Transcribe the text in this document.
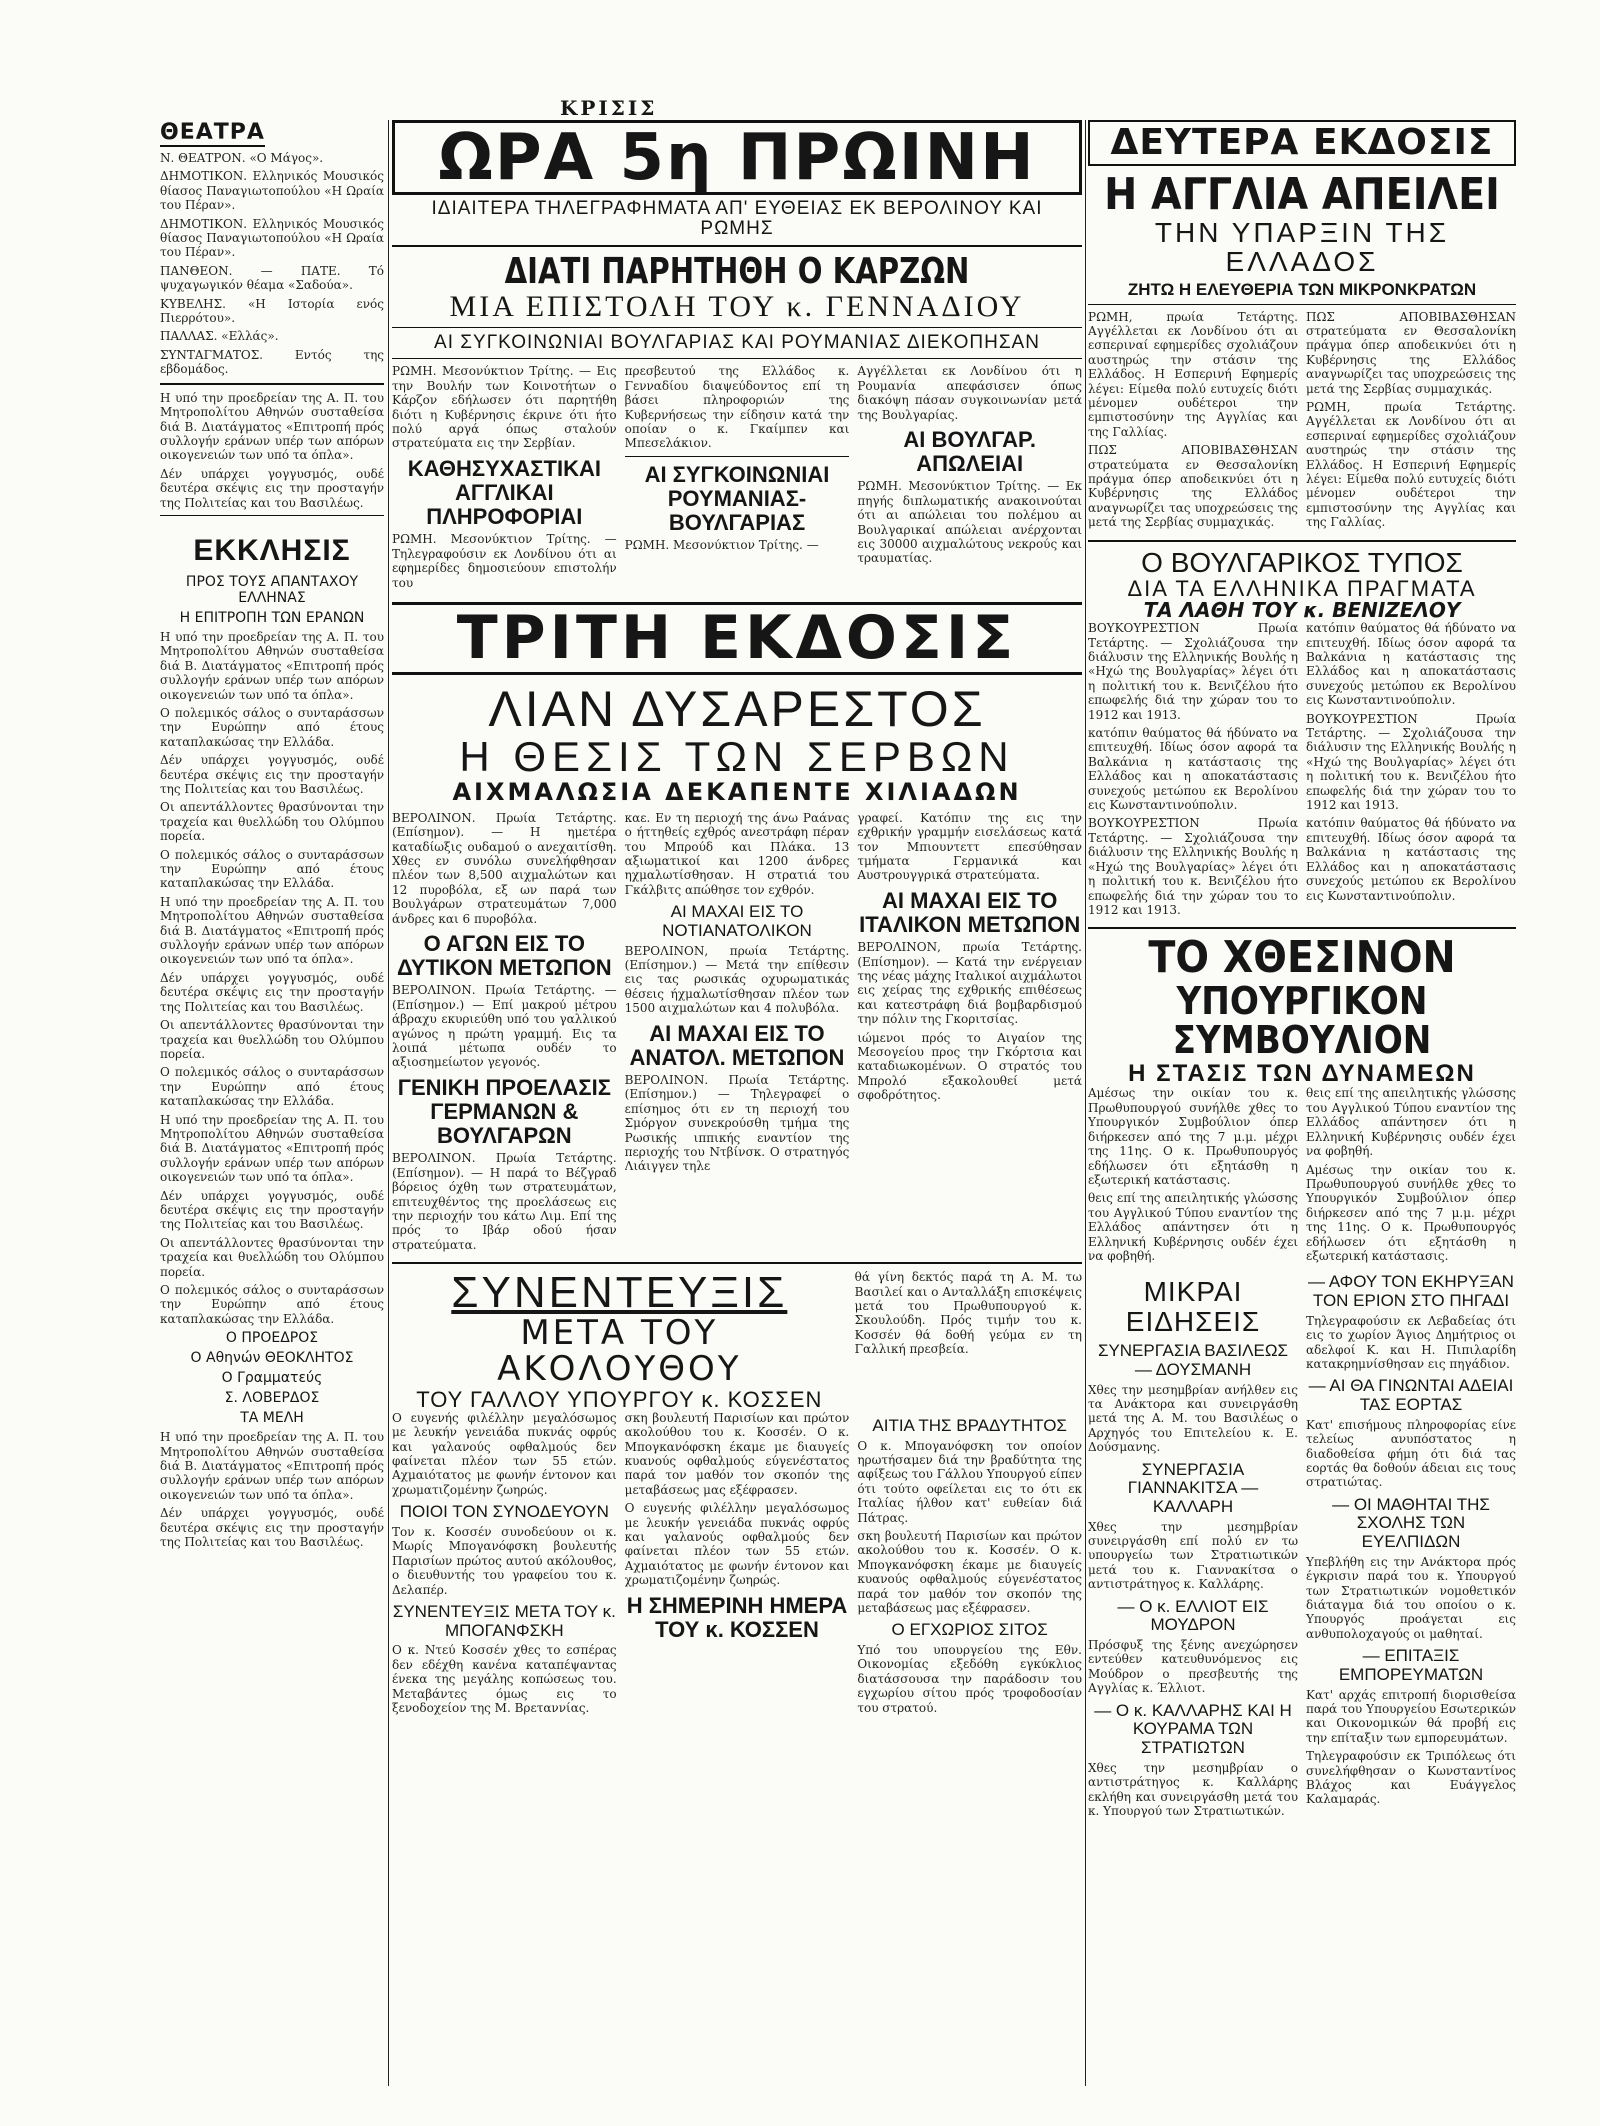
ΚΡΙΣΙΣ
ΘΕΑΤΡΑ

Ν. ΘΕΑΤΡΟΝ. «Ο Μάγος».

ΔΗΜΟΤΙΚΟΝ. Ελληνικός Μουσικός θίασος Παναγιωτοπούλου «Η Ωραία του Πέραν».

ΔΗΜΟΤΙΚΟΝ. Ελληνικός Μουσικός θίασος Παναγιωτοπούλου «Η Ωραία του Πέραν».

ΠΑΝΘΕΟΝ. — ΠΑΤΕ. Τό ψυχαγωγικόν θέαμα «Σαδούα».

ΚΥΒΕΛΗΣ. «Η Ιστορία ενός Πιερρότου».

ΠΑΛΛΑΣ. «Ελλάς».

ΣΥΝΤΑΓΜΑΤΟΣ. Εντός της εβδομάδος.

Η υπό την προεδρείαν της Α. Π. του Μητροπολίτου Αθηνών συσταθείσα διά Β. Διατάγματος «Επιτροπή πρός συλλογήν εράνων υπέρ των απόρων οικογενειών των υπό τα όπλα».

Δέν υπάρχει γογγυσμός, ουδέ δευτέρα σκέψις εις την προσταγήν της Πολιτείας και του Βασιλέως.

ΕΚΚΛΗΣΙΣ
ΠΡΟΣ ΤΟΥΣ ΑΠΑΝΤΑΧΟΥ ΕΛΛΗΝΑΣ
Η ΕΠΙΤΡΟΠΗ ΤΩΝ ΕΡΑΝΩΝ

Η υπό την προεδρείαν της Α. Π. του Μητροπολίτου Αθηνών συσταθείσα διά Β. Διατάγματος «Επιτροπή πρός συλλογήν εράνων υπέρ των απόρων οικογενειών των υπό τα όπλα».

Ο πολεμικός σάλος ο συνταράσσων την Ευρώπην από έτους καταπλακώσας την Ελλάδα.

Δέν υπάρχει γογγυσμός, ουδέ δευτέρα σκέψις εις την προσταγήν της Πολιτείας και του Βασιλέως.

Οι απεντάλλοντες θρασύνονται την τραχεία και θυελλώδη του Ολύμπου πορεία.

Ο πολεμικός σάλος ο συνταράσσων την Ευρώπην από έτους καταπλακώσας την Ελλάδα.

Η υπό την προεδρείαν της Α. Π. του Μητροπολίτου Αθηνών συσταθείσα διά Β. Διατάγματος «Επιτροπή πρός συλλογήν εράνων υπέρ των απόρων οικογενειών των υπό τα όπλα».

Δέν υπάρχει γογγυσμός, ουδέ δευτέρα σκέψις εις την προσταγήν της Πολιτείας και του Βασιλέως.

Οι απεντάλλοντες θρασύνονται την τραχεία και θυελλώδη του Ολύμπου πορεία.

Ο πολεμικός σάλος ο συνταράσσων την Ευρώπην από έτους καταπλακώσας την Ελλάδα.

Η υπό την προεδρείαν της Α. Π. του Μητροπολίτου Αθηνών συσταθείσα διά Β. Διατάγματος «Επιτροπή πρός συλλογήν εράνων υπέρ των απόρων οικογενειών των υπό τα όπλα».

Δέν υπάρχει γογγυσμός, ουδέ δευτέρα σκέψις εις την προσταγήν της Πολιτείας και του Βασιλέως.

Οι απεντάλλοντες θρασύνονται την τραχεία και θυελλώδη του Ολύμπου πορεία.

Ο πολεμικός σάλος ο συνταράσσων την Ευρώπην από έτους καταπλακώσας την Ελλάδα.

Ο ΠΡΟΕΔΡΟΣ
Ο Αθηνών ΘΕΟΚΛΗΤΟΣ
Ο Γραμματεύς
Σ. ΛΟΒΕΡΔΟΣ
ΤΑ ΜΕΛΗ

Η υπό την προεδρείαν της Α. Π. του Μητροπολίτου Αθηνών συσταθείσα διά Β. Διατάγματος «Επιτροπή πρός συλλογήν εράνων υπέρ των απόρων οικογενειών των υπό τα όπλα».

Δέν υπάρχει γογγυσμός, ουδέ δευτέρα σκέψις εις την προσταγήν της Πολιτείας και του Βασιλέως.

ΩΡΑ 5η ΠΡΩΙΝΗ
ΙΔΙΑΙΤΕΡΑ ΤΗΛΕΓΡΑΦΗΜΑΤΑ ΑΠ' ΕΥΘΕΙΑΣ ΕΚ ΒΕΡΟΛΙΝΟΥ ΚΑΙ ΡΩΜΗΣ
ΔΙΑΤΙ ΠΑΡΗΤΗΘΗ Ο ΚΑΡΖΩΝ
ΜΙΑ ΕΠΙΣΤΟΛΗ ΤΟΥ κ. ΓΕΝΝΑΔΙΟΥ
ΑΙ ΣΥΓΚΟΙΝΩΝΙΑΙ ΒΟΥΛΓΑΡΙΑΣ ΚΑΙ ΡΟΥΜΑΝΙΑΣ ΔΙΕΚΟΠΗΣΑΝ

ΡΩΜΗ. Μεσονύκτιον Τρίτης. — Εις την Βουλήν των Κοινοτήτων ο Κάρζον εδήλωσεν ότι παρητήθη διότι η Κυβέρνησις έκρινε ότι ήτο πολύ αργά όπως σταλούν στρατεύματα εις την Σερβίαν.

ΚΑΘΗΣΥΧΑΣΤΙΚΑΙ ΑΓΓΛΙΚΑΙ ΠΛΗΡΟΦΟΡΙΑΙ

ΡΩΜΗ. Μεσονύκτιον Τρίτης. — Τηλεγραφούσιν εκ Λονδίνου ότι αι εφημερίδες δημοσιεύουν επιστολήν του

πρεσβευτού της Ελλάδος κ. Γενναδίου διαψεύδοντος επί τη βάσει πληροφοριών της Κυβερνήσεως την είδησιν κατά την οποίαν ο κ. Γκαίμπεν και Μπεσελάκιον.

ΑΙ ΣΥΓΚΟΙΝΩΝΙΑΙ ΡΟΥΜΑΝΙΑΣ-ΒΟΥΛΓΑΡΙΑΣ

ΡΩΜΗ. Μεσονύκτιον Τρίτης. —

Αγγέλλεται εκ Λονδίνου ότι η Ρουμανία απεφάσισεν όπως διακόψη πάσαν συγκοινωνίαν μετά της Βουλγαρίας.

ΑΙ ΒΟΥΛΓΑΡ. ΑΠΩΛΕΙΑΙ

ΡΩΜΗ. Μεσονύκτιον Τρίτης. — Εκ πηγής διπλωματικής ανακοινούται ότι αι απώλειαι του πολέμου αι Βουλγαρικαί απώλειαι ανέρχονται εις 30000 αιχμαλώτους νεκρούς και τραυματίας.

ΤΡΙΤΗ ΕΚΔΟΣΙΣ
ΛΙΑΝ ΔΥΣΑΡΕΣΤΟΣ
Η ΘΕΣΙΣ ΤΩΝ ΣΕΡΒΩΝ
ΑΙΧΜΑΛΩΣΙΑ ΔΕΚΑΠΕΝΤΕ ΧΙΛΙΑΔΩΝ

ΒΕΡΟΛΙΝΟΝ. Πρωία Τετάρτης. (Επίσημον). — Η ημετέρα καταδίωξις ουδαμού ο ανεχαιτίσθη. Χθες εν συνόλω συνελήφθησαν πλέον των 8,500 αιχμαλώτων και 12 πυροβόλα, εξ ων παρά των Βουλγάρων στρατευμάτων 7,000 άνδρες και 6 πυροβόλα.

Ο ΑΓΩΝ ΕΙΣ ΤΟ ΔΥΤΙΚΟΝ ΜΕΤΩΠΟΝ

ΒΕΡΟΛΙΝΟΝ. Πρωία Τετάρτης. — (Επίσημον.) — Επί μακρού μέτρου άβραχυ εκυριεύθη υπό του γαλλικού αγώνος η πρώτη γραμμή. Εις τα λοιπά μέτωπα ουδέν το αξιοσημείωτον γεγονός.

ΓΕΝΙΚΗ ΠΡΟΕΛΑΣΙΣ ΓΕΡΜΑΝΩΝ & ΒΟΥΛΓΑΡΩΝ

ΒΕΡΟΛΙΝΟΝ. Πρωία Τετάρτης. (Επίσημον). — Η παρά το Βέζγραδ βόρειος όχθη των στρατευμάτων, επιτευχθέντος της προελάσεως εις την περιοχήν του κάτω Λιμ. Επί της πρός το Ιβάρ οδού ήσαν στρατεύματα.

καε. Εν τη περιοχή της άνω Ραάνας ο ήττηθείς εχθρός ανεστράφη πέραν του Μπρούδ και Πλάκα. 13 αξιωματικοί και 1200 άνδρες ηχμαλωτίσθησαν. Η στρατιά του Γκάλβιτς απώθησε τον εχθρόν.

ΑΙ ΜΑΧΑΙ ΕΙΣ ΤΟ ΝΟΤΙΑΝΑΤΟΛΙΚΟΝ

ΒΕΡΟΛΙΝΟΝ, πρωία Τετάρτης. (Επίσημον.) — Μετά την επίθεσιν εις τας ρωσικάς οχυρωματικάς θέσεις ήχμαλωτίσθησαν πλέον των 1500 αιχμαλώτων και 4 πολυβόλα.

ΑΙ ΜΑΧΑΙ ΕΙΣ ΤΟ ΑΝΑΤΟΛ. ΜΕΤΩΠΟΝ

ΒΕΡΟΛΙΝΟΝ. Πρωία Τετάρτης. (Επίσημον.) — Τηλεγραφεί ο επίσημος ότι εν τη περιοχή του Σμόργον συνεκρούσθη τμήμα της Ρωσικής ιππικής εναντίον της περιοχής του Ντβίνσκ. Ο στρατηγός Λιάιγγεν τηλε

γραφεί. Κατόπιν της εις την εχθρικήν γραμμήν εισελάσεως κατά τον Μπιουντεττ επεσύθησαν τμήματα Γερμανικά και Αυστρουγγρικά στρατεύματα.

ΑΙ ΜΑΧΑΙ ΕΙΣ ΤΟ ΙΤΑΛΙΚΟΝ ΜΕΤΩΠΟΝ

ΒΕΡΟΛΙΝΟΝ, πρωία Τετάρτης. (Επίσημον). — Κατά την ενέργειαν της νέας μάχης Ιταλικοί αιχμάλωτοι εις χείρας της εχθρικής επιθέσεως και κατεστράφη διά βομβαρδισμού την πόλιν της Γκοριτσίας.

ιώμενοι πρός το Αιγαίον της Μεσογείου προς την Γκόρτσια και καταδιωκομένων. Ο στρατός του Μπρολό εξακολουθεί μετά σφοδρότητος.

ΣΥΝΕΝΤΕΥΞΙΣ
ΜΕΤΑ ΤΟΥ ΑΚΟΛΟΥΘΟΥ
ΤΟΥ ΓΑΛΛΟΥ ΥΠΟΥΡΓΟΥ κ. ΚΟΣΣΕΝ

θά γίνη δεκτός παρά τη Α. Μ. τω Βασιλεί και ο Ανταλλάξη επισκέψεις μετά του Πρωθυπουργού κ. Σκουλούδη. Πρός τιμήν του κ. Κοσσέν θά δοθή γεύμα εν τη Γαλλική πρεσβεία.

Ο ευγενής φιλέλλην μεγαλόσωμος με λευκήν γενειάδα πυκνάς οφρύς και γαλανούς οφθαλμούς δεν φαίνεται πλέον των 55 ετών. Αχμαιότατος με φωνήν έντονον και χρωματιζομένην ζωηρώς.

ΠΟΙΟΙ ΤΟΝ ΣΥΝΟΔΕΥΟΥΝ

Τον κ. Κοσσέν συνοδεύουν οι κ. Μωρίς Μπογανόφσκη βουλευτής Παρισίων πρώτος αυτού ακόλουθος, ο διευθυντής του γραφείου του κ. Δελαπέρ.

ΣΥΝΕΝΤΕΥΞΙΣ ΜΕΤΑ ΤΟΥ κ. ΜΠΟΓΑΝΦΣΚΗ

Ο κ. Ντεύ Κοσσέν χθες το εσπέρας δεν εδέχθη κανένα καταπέψαντας ένεκα της μεγάλης κοπώσεως του. Μεταβάντες όμως εις το ξενοδοχείον της Μ. Βρεταννίας.

σκη βουλευτή Παρισίων και πρώτον ακολούθου του κ. Κοσσέν. Ο κ. Μπογκανόφσκη έκαμε με διαυγείς κυανούς οφθαλμούς εύγενέστατος παρά τον μαθόν τον σκοπόν της μεταβάσεως μας εξέφρασεν.

Ο ευγενής φιλέλλην μεγαλόσωμος με λευκήν γενειάδα πυκνάς οφρύς και γαλανούς οφθαλμούς δεν φαίνεται πλέον των 55 ετών. Αχμαιότατος με φωνήν έντονον και χρωματιζομένην ζωηρώς.

Η ΣΗΜΕΡΙΝΗ ΗΜΕΡΑ ΤΟΥ κ. ΚΟΣΣΕΝ
ΑΙΤΙΑ ΤΗΣ ΒΡΑΔΥΤΗΤΟΣ

Ο κ. Μπογανόφσκη τον οποίον ηρωτήσαμεν διά την βραδύτητα της αφίξεως του Γάλλου Υπουργού είπεν ότι τούτο οφείλεται εις το ότι εκ Ιταλίας ήλθον κατ' ευθείαν διά Πάτρας.

σκη βουλευτή Παρισίων και πρώτον ακολούθου του κ. Κοσσέν. Ο κ. Μπογκανόφσκη έκαμε με διαυγείς κυανούς οφθαλμούς εύγενέστατος παρά τον μαθόν τον σκοπόν της μεταβάσεως μας εξέφρασεν.

Ο ΕΓΧΩΡΙΟΣ ΣΙΤΟΣ

Υπό του υπουργείου της Εθν. Οικονομίας εξεδόθη εγκύκλιος διατάσσουσα την παράδοσιν του εγχωρίου σίτου πρός τροφοδοσίαν του στρατού.

ΔΕΥΤΕΡΑ ΕΚΔΟΣΙΣ
Η ΑΓΓΛΙΑ ΑΠΕΙΛΕΙ
ΤΗΝ ΥΠΑΡΞΙΝ ΤΗΣ ΕΛΛΑΔΟΣ
ΖΗΤΩ Η ΕΛΕΥΘΕΡΙΑ ΤΩΝ ΜΙΚΡΟΝΚΡΑΤΩΝ

ΡΩΜΗ, πρωία Τετάρτης. Αγγέλλεται εκ Λονδίνου ότι αι εσπεριναί εφημερίδες σχολιάζουν αυστηρώς την στάσιν της Ελλάδος. Η Εσπερινή Εφημερίς λέγει: Είμεθα πολύ ευτυχείς διότι μένομεν ουδέτεροι την εμπιστοσύνην της Αγγλίας και της Γαλλίας.

ΠΩΣ ΑΠΟΒΙΒΑΣΘΗΣΑΝ στρατεύματα εν Θεσσαλονίκη πράγμα όπερ αποδεικνύει ότι η Κυβέρνησις της Ελλάδος αναγνωρίζει τας υποχρεώσεις της μετά της Σερβίας συμμαχικάς.

ΠΩΣ ΑΠΟΒΙΒΑΣΘΗΣΑΝ στρατεύματα εν Θεσσαλονίκη πράγμα όπερ αποδεικνύει ότι η Κυβέρνησις της Ελλάδος αναγνωρίζει τας υποχρεώσεις της μετά της Σερβίας συμμαχικάς.

ΡΩΜΗ, πρωία Τετάρτης. Αγγέλλεται εκ Λονδίνου ότι αι εσπεριναί εφημερίδες σχολιάζουν αυστηρώς την στάσιν της Ελλάδος. Η Εσπερινή Εφημερίς λέγει: Είμεθα πολύ ευτυχείς διότι μένομεν ουδέτεροι την εμπιστοσύνην της Αγγλίας και της Γαλλίας.

Ο ΒΟΥΛΓΑΡΙΚΟΣ ΤΥΠΟΣ
ΔΙΑ ΤΑ ΕΛΛΗΝΙΚΑ ΠΡΑΓΜΑΤΑ
ΤΑ ΛΑΘΗ ΤΟΥ κ. ΒΕΝΙΖΕΛΟΥ

ΒΟΥΚΟΥΡΕΣΤΙΟΝ Πρωία Τετάρτης. — Σχολιάζουσα την διάλυσιν της Ελληνικής Βουλής η «Ηχώ της Βουλγαρίας» λέγει ότι η πολιτική του κ. Βενιζέλου ήτο επωφελής διά την χώραν του το 1912 και 1913.

κατόπιν θαύματος θά ήδύνατο να επιτευχθή. Ιδίως όσον αφορά τα Βαλκάνια η κατάστασις της Ελλάδος και η αποκατάστασις συνεχούς μετώπου εκ Βερολίνου εις Κωνσταντινούπολιν.

ΒΟΥΚΟΥΡΕΣΤΙΟΝ Πρωία Τετάρτης. — Σχολιάζουσα την διάλυσιν της Ελληνικής Βουλής η «Ηχώ της Βουλγαρίας» λέγει ότι η πολιτική του κ. Βενιζέλου ήτο επωφελής διά την χώραν του το 1912 και 1913.

κατόπιν θαύματος θά ήδύνατο να επιτευχθή. Ιδίως όσον αφορά τα Βαλκάνια η κατάστασις της Ελλάδος και η αποκατάστασις συνεχούς μετώπου εκ Βερολίνου εις Κωνσταντινούπολιν.

ΒΟΥΚΟΥΡΕΣΤΙΟΝ Πρωία Τετάρτης. — Σχολιάζουσα την διάλυσιν της Ελληνικής Βουλής η «Ηχώ της Βουλγαρίας» λέγει ότι η πολιτική του κ. Βενιζέλου ήτο επωφελής διά την χώραν του το 1912 και 1913.

κατόπιν θαύματος θά ήδύνατο να επιτευχθή. Ιδίως όσον αφορά τα Βαλκάνια η κατάστασις της Ελλάδος και η αποκατάστασις συνεχούς μετώπου εκ Βερολίνου εις Κωνσταντινούπολιν.

ΤΟ ΧΘΕΣΙΝΟΝ
ΥΠΟΥΡΓΙΚΟΝ ΣΥΜΒΟΥΛΙΟΝ
Η ΣΤΑΣΙΣ ΤΩΝ ΔΥΝΑΜΕΩΝ

Αμέσως την οικίαν του κ. Πρωθυπουργού συνήλθε χθες το Υπουργικόν Συμβούλιον όπερ διήρκεσεν από της 7 μ.μ. μέχρι της 11ης. Ο κ. Πρωθυπουργός εδήλωσεν ότι εξητάσθη η εξωτερική κατάστασις.

θεις επί της απειλητικής γλώσσης του Αγγλικού Τύπου εναντίον της Ελλάδος απάντησεν ότι η Ελληνική Κυβέρνησις ουδέν έχει να φοβηθή.

θεις επί της απειλητικής γλώσσης του Αγγλικού Τύπου εναντίον της Ελλάδος απάντησεν ότι η Ελληνική Κυβέρνησις ουδέν έχει να φοβηθή.

Αμέσως την οικίαν του κ. Πρωθυπουργού συνήλθε χθες το Υπουργικόν Συμβούλιον όπερ διήρκεσεν από της 7 μ.μ. μέχρι της 11ης. Ο κ. Πρωθυπουργός εδήλωσεν ότι εξητάσθη η εξωτερική κατάστασις.

ΜΙΚΡΑΙ ΕΙΔΗΣΕΙΣ
ΣΥΝΕΡΓΑΣΙΑ ΒΑΣΙΛΕΩΣ — ΔΟΥΣΜΑΝΗ

Χθες την μεσημβρίαν ανήλθεν εις τα Ανάκτορα και συνειργάσθη μετά της Α. Μ. του Βασιλέως ο Αρχηγός του Επιτελείου κ. Ε. Δούσμανης.

ΣΥΝΕΡΓΑΣΙΑ ΓΙΑΝΝΑΚΙΤΣΑ — ΚΑΛΛΑΡΗ

Χθες την μεσημβρίαν συνειργάσθη επί πολύ εν τω υπουργείω των Στρατιωτικών μετά του κ. Γιαννακίτσα ο αντιστράτηγος κ. Καλλάρης.

— Ο κ. ΕΛΛΙΟΤ ΕΙΣ ΜΟΥΔΡΟΝ

Πρόσφυξ της ξένης ανεχώρησεν εντεύθεν κατευθυνόμενος εις Μούδρον ο πρεσβευτής της Αγγλίας κ. Έλλιοτ.

— Ο κ. ΚΑΛΛΑΡΗΣ ΚΑΙ Η ΚΟΥΡΑΜΑ ΤΩΝ ΣΤΡΑΤΙΩΤΩΝ

Χθες την μεσημβρίαν ο αντιστράτηγος κ. Καλλάρης εκλήθη και συνειργάσθη μετά του κ. Υπουργού των Στρατιωτικών.

— ΑΦΟΥ ΤΟΝ ΕΚΗΡΥΞΑΝ ΤΟΝ ΕΡΙΟΝ ΣΤΟ ΠΗΓΑΔΙ

Τηλεγραφούσιν εκ Λεβαδείας ότι εις το χωρίον Άγιος Δημήτριος οι αδελφοί Κ. και Η. Πιπιλαρίδη κατακρημνίσθησαν εις πηγάδιον.

— ΑΙ ΘΑ ΓΙΝΩΝΤΑΙ ΑΔΕΙΑΙ ΤΑΣ ΕΟΡΤΑΣ

Κατ' επισήμους πληροφορίας είνε τελείως ανυπόστατος η διαδοθείσα φήμη ότι διά τας εορτάς θα δοθούν άδειαι εις τους στρατιώτας.

— ΟΙ ΜΑΘΗΤΑΙ ΤΗΣ ΣΧΟΛΗΣ ΤΩΝ ΕΥΕΛΠΙΔΩΝ

Υπεβλήθη εις την Ανάκτορα πρός έγκρισιν παρά του κ. Υπουργού των Στρατιωτικών νομοθετικόν διάταγμα διά του οποίου ο κ. Υπουργός προάγεται εις ανθυπολοχαγούς οι μαθηταί.

— ΕΠΙΤΑΞΙΣ ΕΜΠΟΡΕΥΜΑΤΩΝ

Κατ' αρχάς επιτροπή διορισθείσα παρά του Υπουργείου Εσωτερικών και Οικονομικών θά προβή εις την επίταξιν των εμπορευμάτων.

Τηλεγραφούσιν εκ Τριπόλεως ότι συνελήφθησαν ο Κωνσταντίνος Βλάχος και Ευάγγελος Καλαμαράς.
